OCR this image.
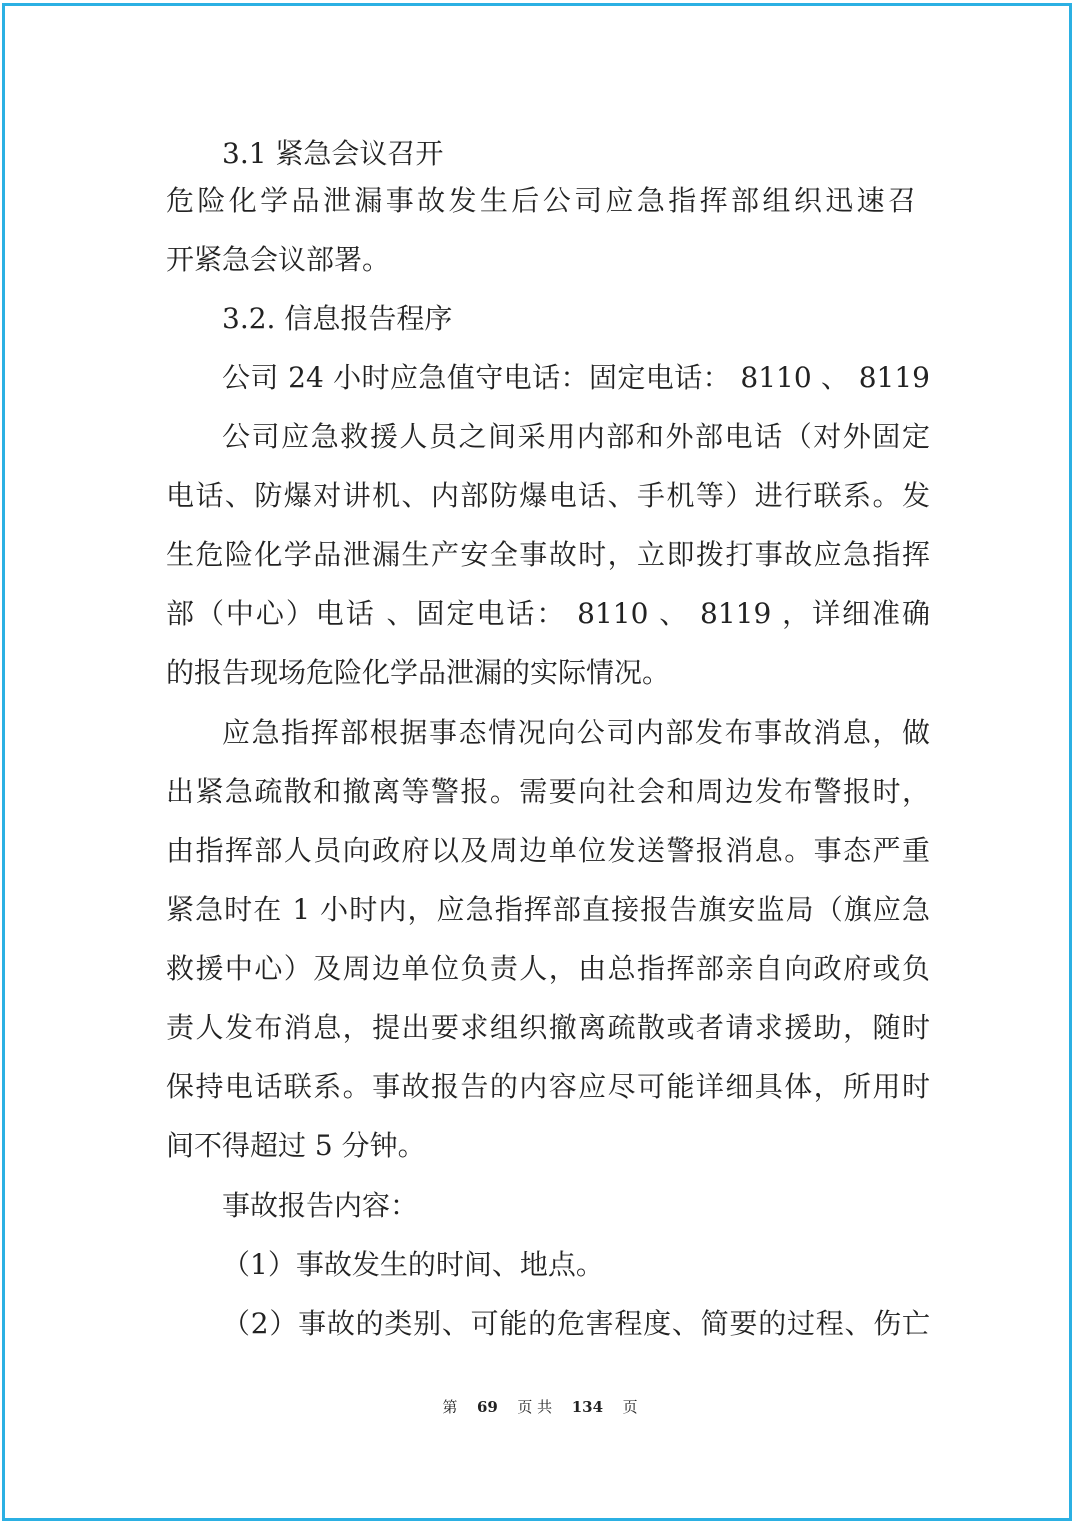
3.1 紧急会议召开

危险化学品泄漏事故发生后公司应急指挥部组织迅速召

开紧急会议部署。

3.2. 信息报告程序

公司 24 小时应急值守电话：固定电话： 8110 、 8119

公司应急救援人员之间采用内部和外部电话（对外固定

电话、防爆对讲机、内部防爆电话、手机等）进行联系。发

生危险化学品泄漏生产安全事故时，立即拨打事故应急指挥

部（中心）电话 、固定电话： 8110 、 8119 ，详细准确

的报告现场危险化学品泄漏的实际情况。

应急指挥部根据事态情况向公司内部发布事故消息，做

出紧急疏散和撤离等警报。需要向社会和周边发布警报时，

由指挥部人员向政府以及周边单位发送警报消息。事态严重

紧急时在 1 小时内，应急指挥部直接报告旗安监局（旗应急

救援中心）及周边单位负责人，由总指挥部亲自向政府或负

责人发布消息，提出要求组织撤离疏散或者请求援助，随时

保持电话联系。事故报告的内容应尽可能详细具体，所用时

间不得超过 5 分钟。

事故报告内容：

（1）事故发生的时间、地点。

（2）事故的类别、可能的危害程度、简要的过程、伤亡

第 69 页 共 134 页
